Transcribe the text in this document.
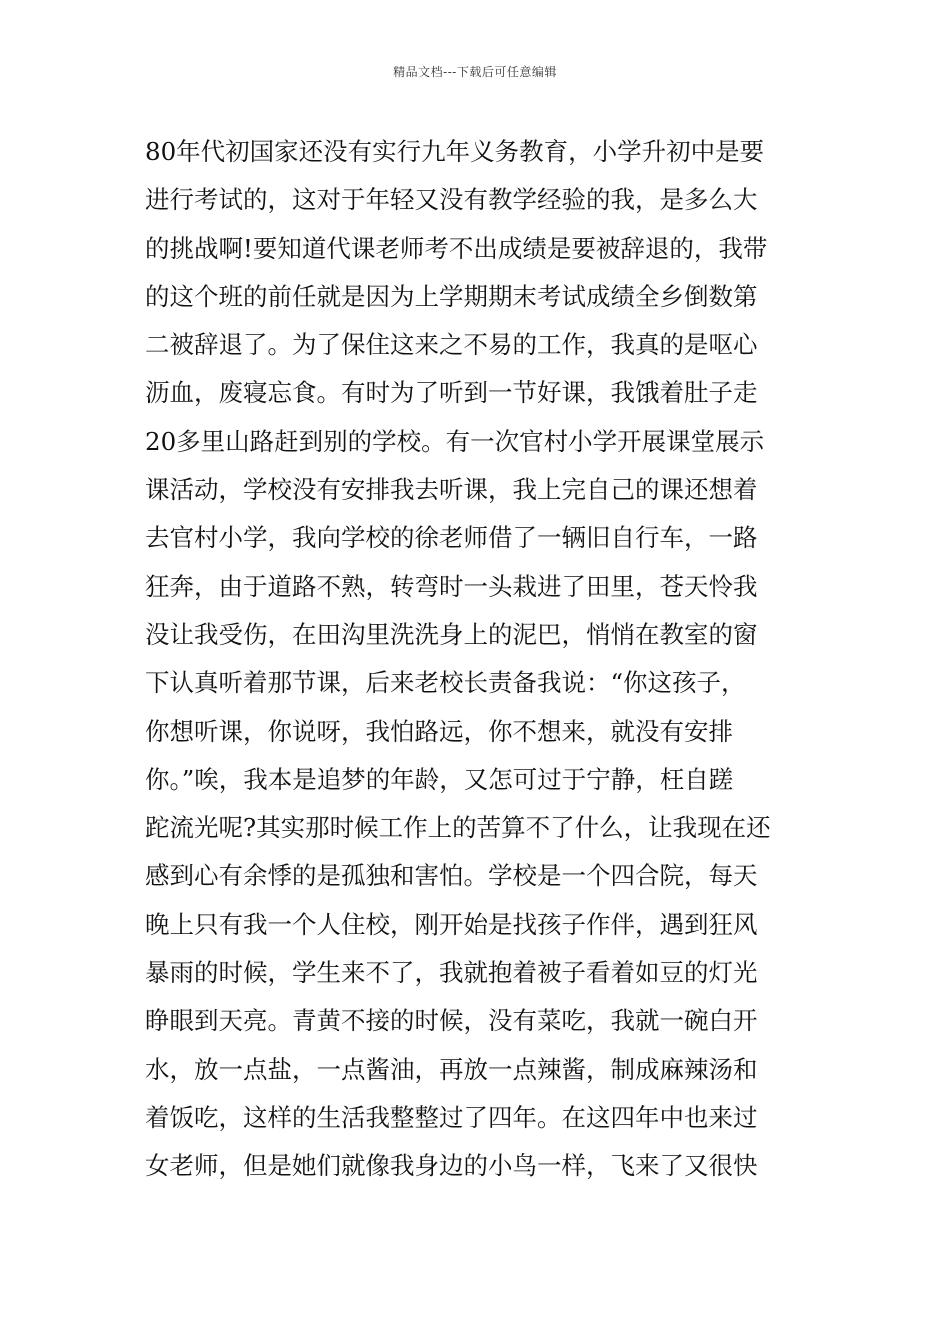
精品文档---下载后可任意编辑
80年代初国家还没有实行九年义务教育，小学升初中是要
进行考试的，这对于年轻又没有教学经验的我，是多么大
的挑战啊!要知道代课老师考不出成绩是要被辞退的，我带
的这个班的前任就是因为上学期期末考试成绩全乡倒数第
二被辞退了。为了保住这来之不易的工作，我真的是呕心
沥血，废寝忘食。有时为了听到一节好课，我饿着肚子走
20多里山路赶到别的学校。有一次官村小学开展课堂展示
课活动，学校没有安排我去听课，我上完自己的课还想着
去官村小学，我向学校的徐老师借了一辆旧自行车，一路
狂奔，由于道路不熟，转弯时一头栽进了田里，苍天怜我
没让我受伤，在田沟里洗洗身上的泥巴，悄悄在教室的窗
下认真听着那节课，后来老校长责备我说：“你这孩子，
你想听课，你说呀，我怕路远，你不想来，就没有安排
你。”唉，我本是追梦的年龄，又怎可过于宁静，枉自蹉
跎流光呢?其实那时候工作上的苦算不了什么，让我现在还
感到心有余悸的是孤独和害怕。学校是一个四合院，每天
晚上只有我一个人住校，刚开始是找孩子作伴，遇到狂风
暴雨的时候，学生来不了，我就抱着被子看着如豆的灯光
睁眼到天亮。青黄不接的时候，没有菜吃，我就一碗白开
水，放一点盐，一点酱油，再放一点辣酱，制成麻辣汤和
着饭吃，这样的生活我整整过了四年。在这四年中也来过
女老师，但是她们就像我身边的小鸟一样，飞来了又很快
